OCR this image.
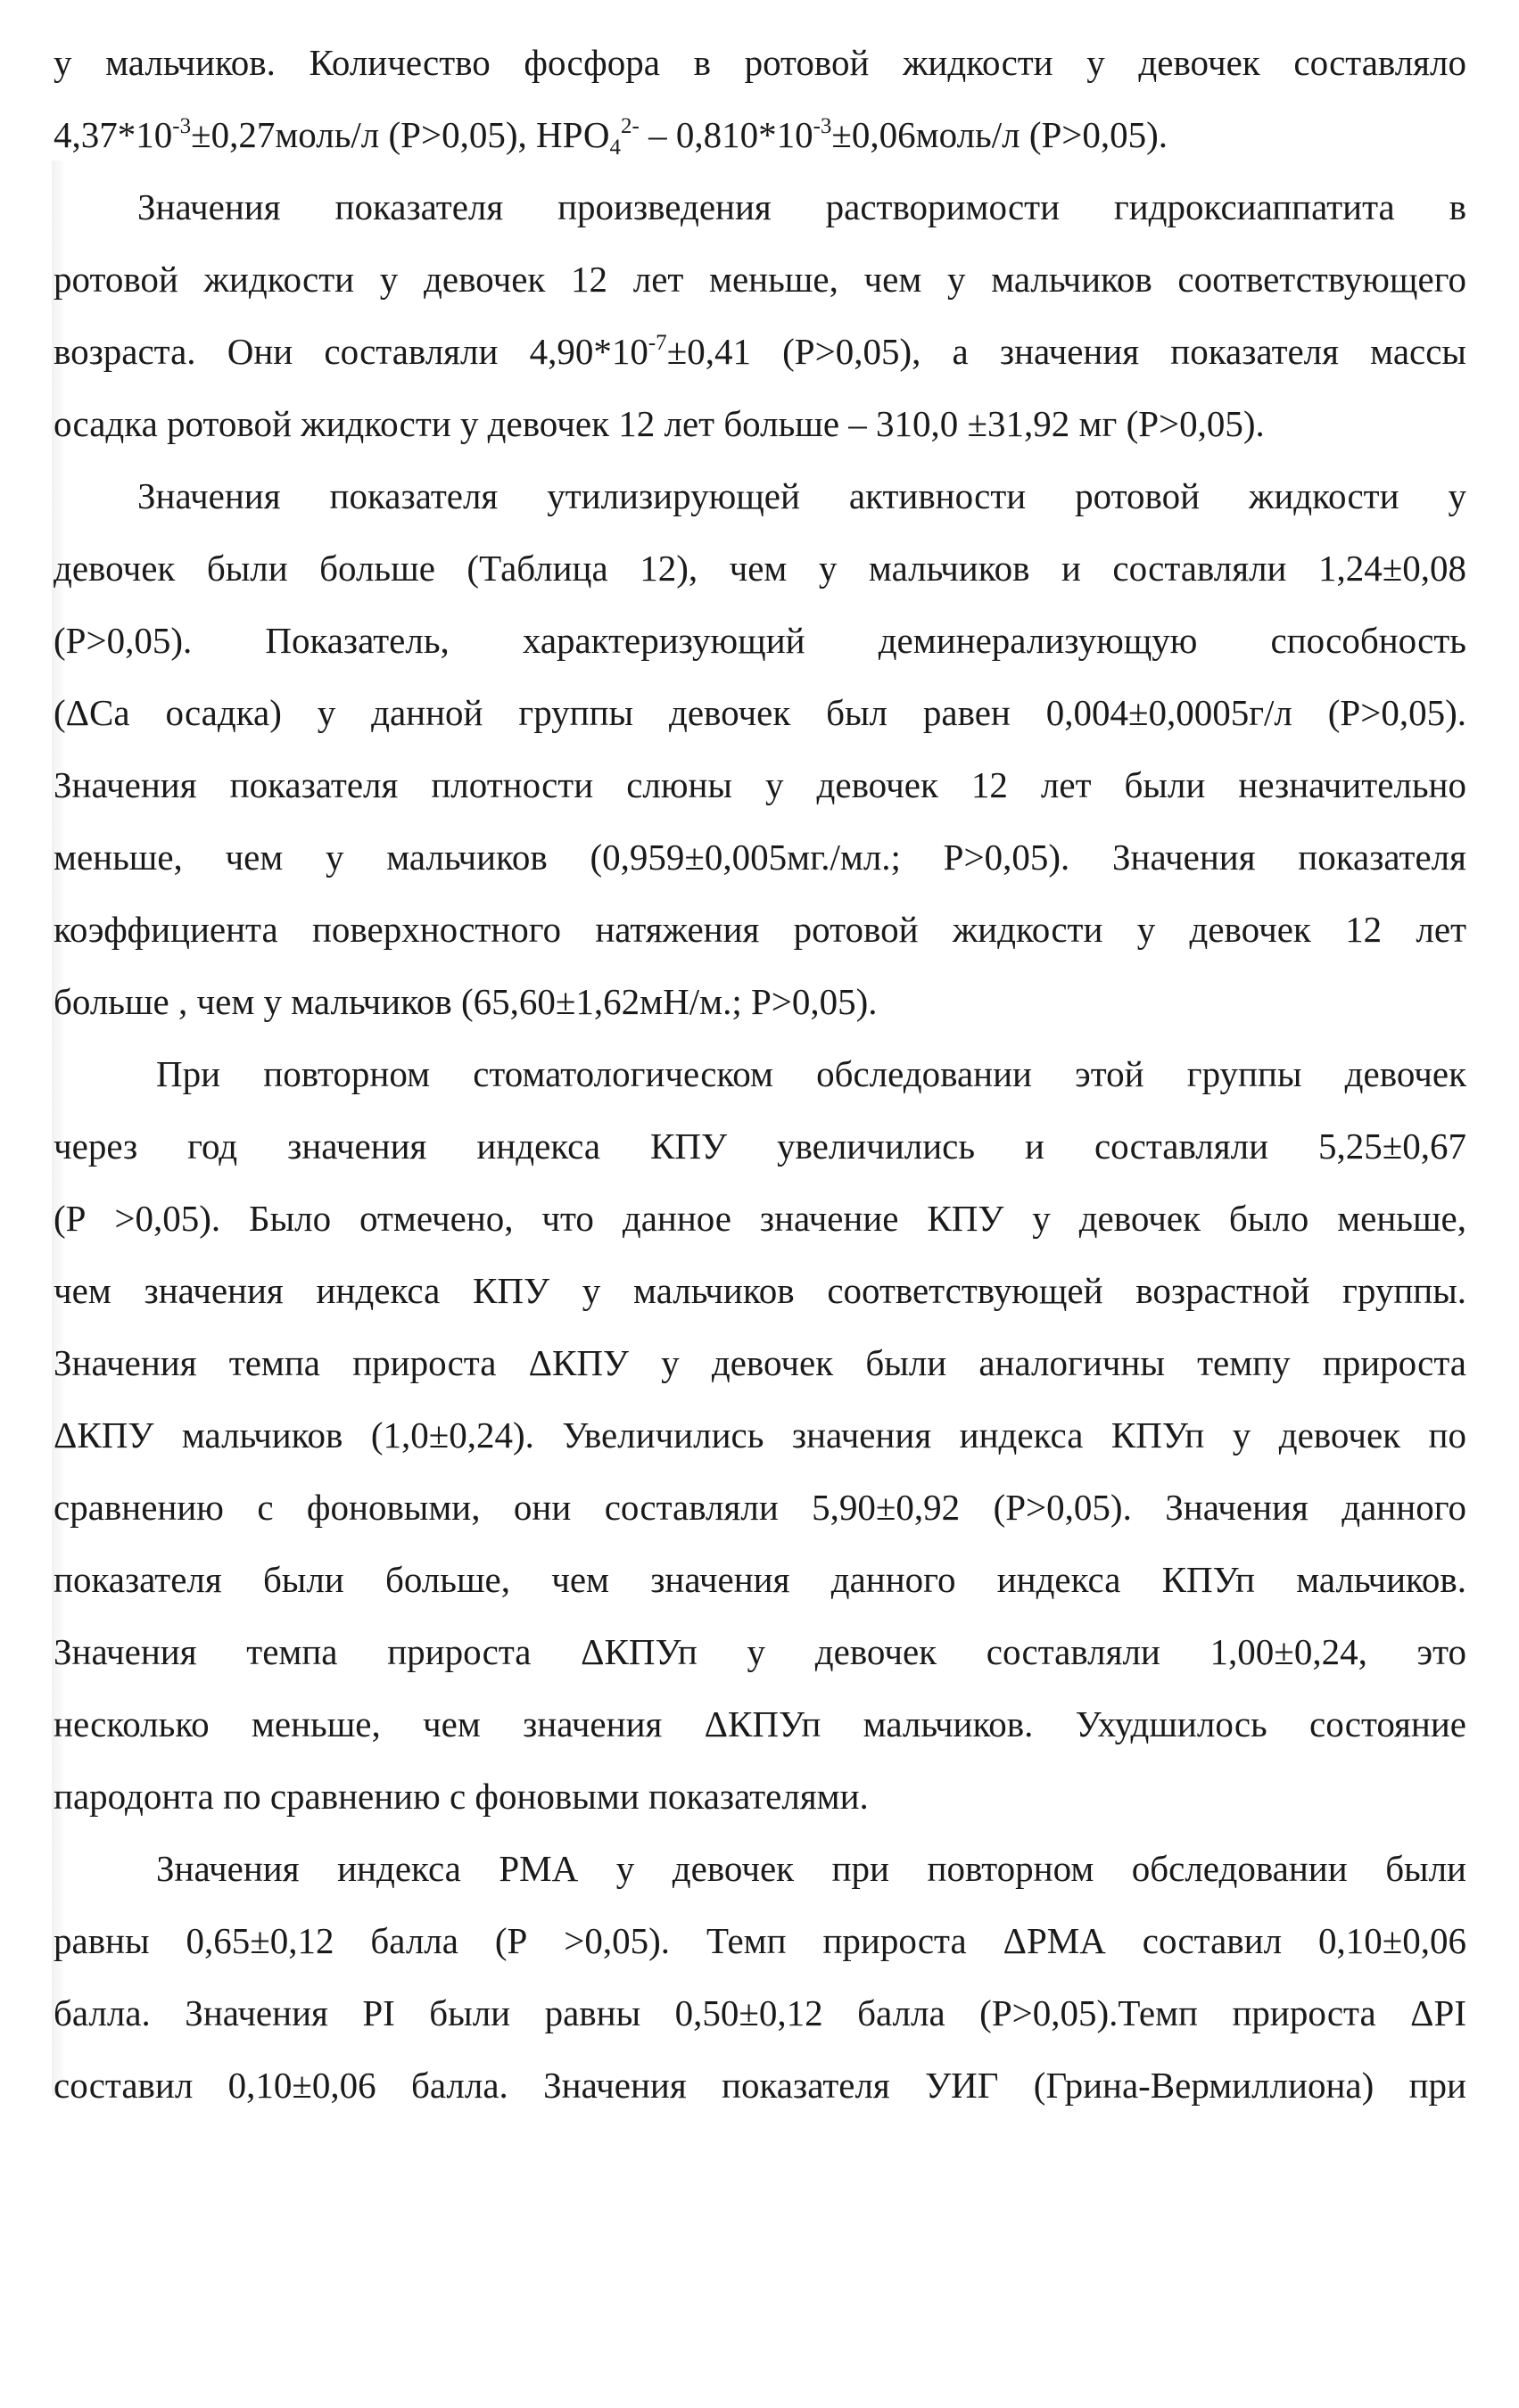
у мальчиков. Количество фосфора в ротовой жидкости у девочек составляло
$4,37*10^{-3}\pm 0,27моль/л$ (Р>0,05), $НРО_4^{2-}$ – $0,810*10^{-3}\pm 0,06моль/л$ (Р>0,05).
Значения показателя произведения растворимости гидроксиаппатита в
ротовой жидкости у девочек 12 лет меньше, чем у мальчиков соответствующего
возраста. Они составляли $4,90*10^{-7}\pm 0,41$ (Р>0,05), а значения показателя массы
осадка ротовой жидкости у девочек 12 лет больше – 310,0 ±31,92 мг (Р>0,05).
Значения показателя утилизирующей активности ротовой жидкости у
девочек были больше (Таблица 12), чем у мальчиков и составляли 1,24±0,08
(Р>0,05). Показатель, характеризующий деминерализующую способность
(ΔСа осадка) у данной группы девочек был равен 0,004±0,0005г/л (Р>0,05).
Значения показателя плотности слюны у девочек 12 лет были незначительно
меньше, чем у мальчиков (0,959±0,005мг./мл.; Р>0,05). Значения показателя
коэффициента поверхностного натяжения ротовой жидкости у девочек 12 лет
больше , чем у мальчиков (65,60±1,62мН/м.; Р>0,05).
При повторном стоматологическом обследовании этой группы девочек
через год значения индекса КПУ увеличились и составляли 5,25±0,67
(Р >0,05). Было отмечено, что данное значение КПУ у девочек было меньше,
чем значения индекса КПУ у мальчиков соответствующей возрастной группы.
Значения темпа прироста ΔКПУ у девочек были аналогичны темпу прироста
ΔКПУ мальчиков (1,0±0,24). Увеличились значения индекса КПУп у девочек по
сравнению с фоновыми, они составляли 5,90±0,92 (Р>0,05). Значения данного
показателя были больше, чем значения данного индекса КПУп мальчиков.
Значения темпа прироста ΔКПУп у девочек составляли 1,00±0,24, это
несколько меньше, чем значения ΔКПУп мальчиков. Ухудшилось состояние
пародонта по сравнению с фоновыми показателями.
Значения индекса РМА у девочек при повторном обследовании были
равны 0,65±0,12 балла (Р >0,05). Темп прироста ΔРМА составил 0,10±0,06
балла. Значения PI были равны 0,50±0,12 балла (Р>0,05).Темп прироста ΔPI
составил 0,10±0,06 балла. Значения показателя УИГ (Грина-Вермиллиона) при
